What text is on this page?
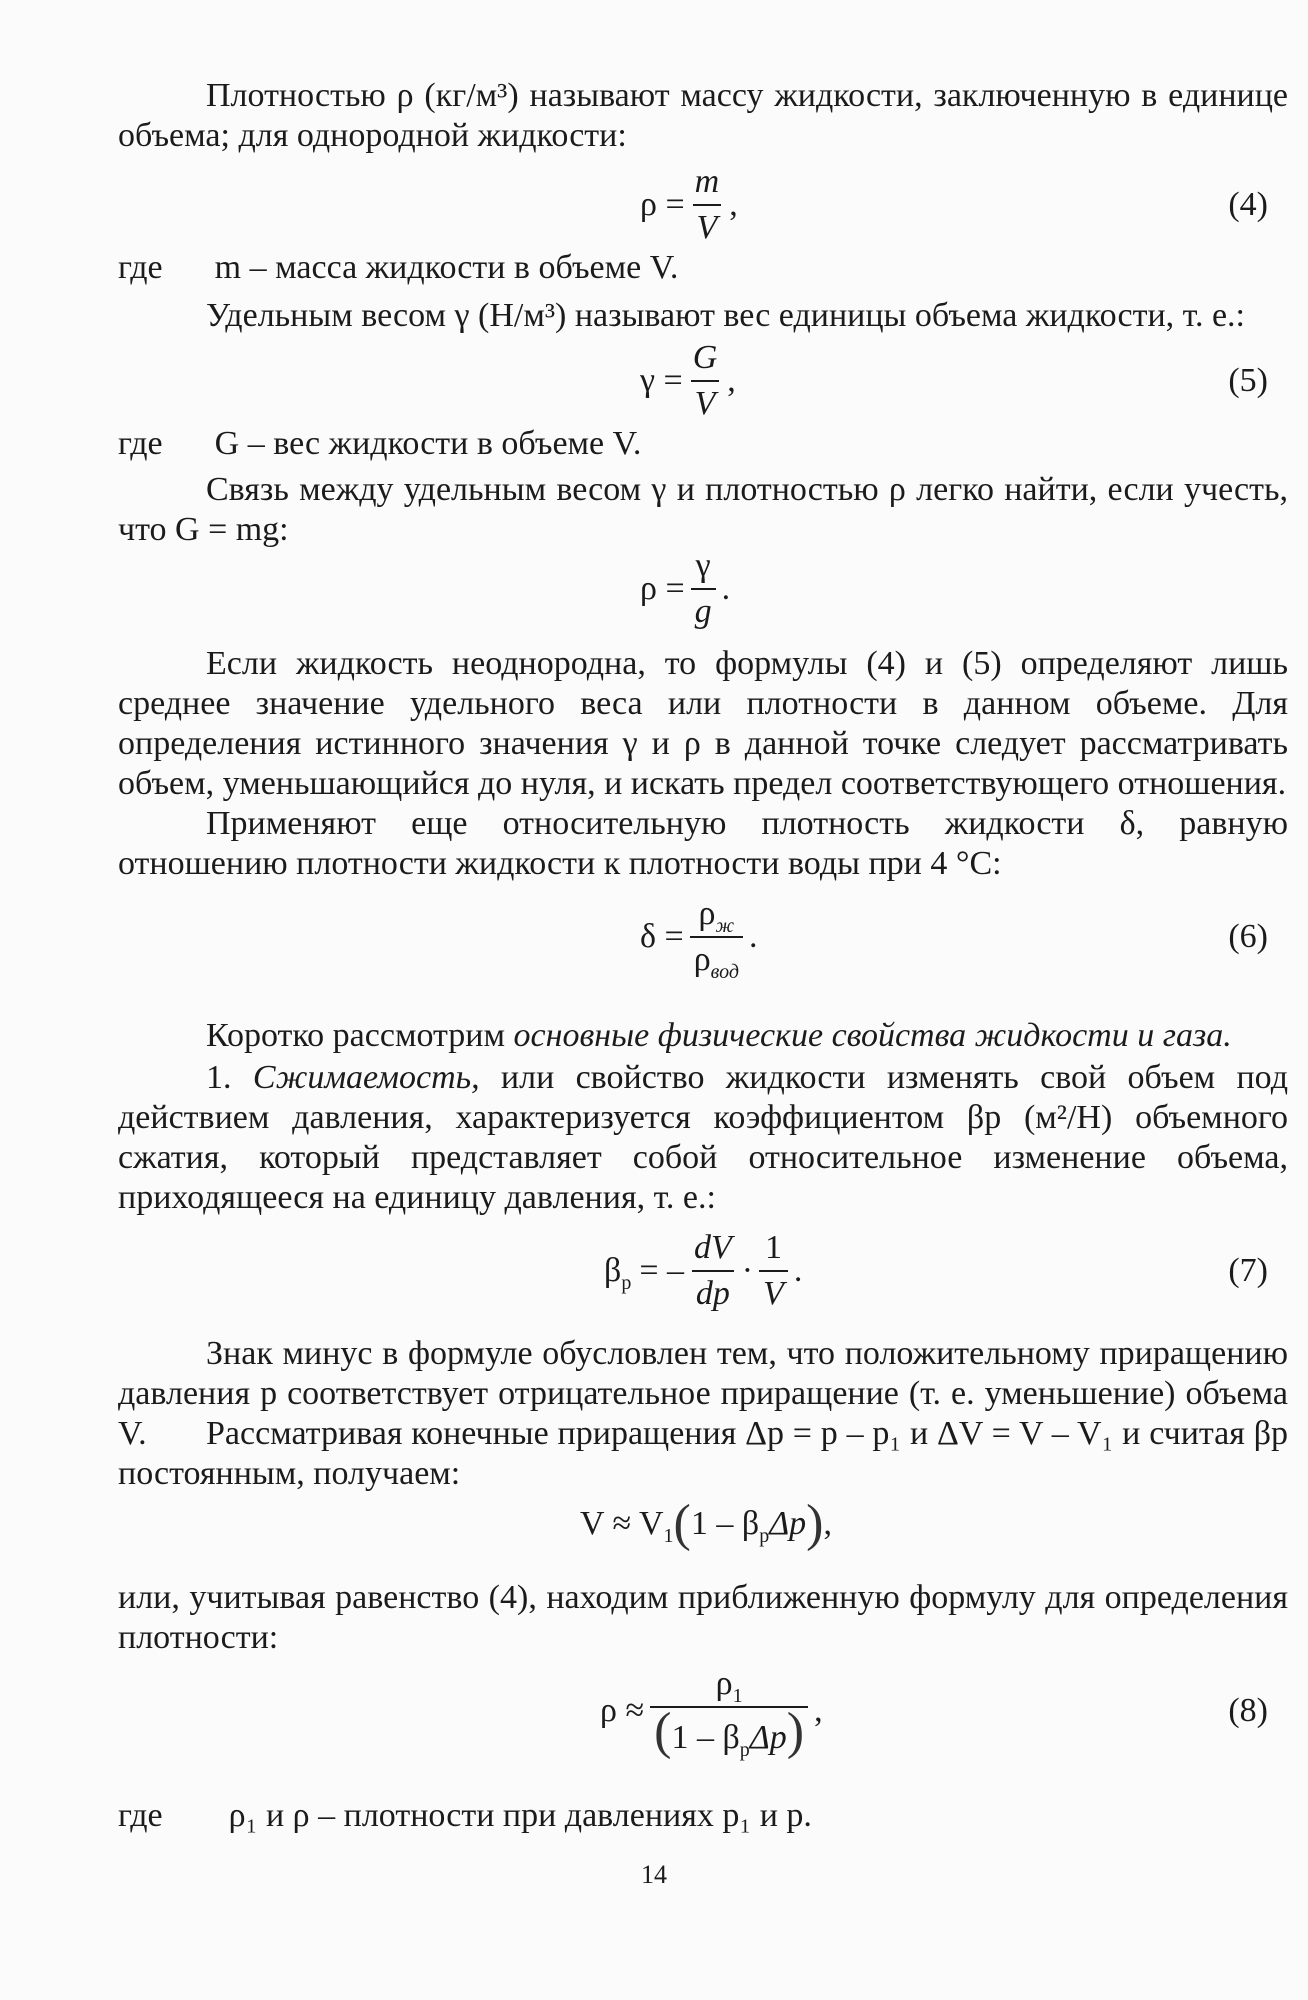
Плотностью ρ (кг/м³) называют массу жидкости, заключенную в единице объема; для однородной жидкости:

$\rho = \frac{m}{V}$ ,	(4)
где m – масса жидкости в объеме V.

Удельным весом γ (Н/м³) называют вес единицы объема жидкости, т. е.:

$\gamma = \frac{G}{V}$ ,	(5)
где G – вес жидкости в объеме V.

Связь между удельным весом γ и плотностью ρ легко найти, если учесть, что G = mg:

$\rho = \frac{\gamma}{g}$ .

Если жидкость неоднородна, то формулы (4) и (5) определяют лишь среднее значение удельного веса или плотности в данном объеме. Для определения истинного значения γ и ρ в данной точке следует рассматривать объем, уменьшающийся до нуля, и искать предел соответствующего отношения.

Применяют еще относительную плотность жидкости δ, равную отношению плотности жидкости к плотности воды при 4 °С:

$\delta = \frac{\rho_ж}{\rho_{вод}}$ .	(6)

Коротко рассмотрим основные физические свойства жидкости и газа.

1. Сжимаемость, или свойство жидкости изменять свой объем под действием давления, характеризуется коэффициентом βр (м²/Н) объемного сжатия, который представляет собой относительное изменение объема, приходящееся на единицу давления, т. е.:

$\beta_p$ = – $\frac{dV}{dp} \cdot \frac{1}{V}$ .	(7)

Знак минус в формуле обусловлен тем, что положительному приращению давления p соответствует отрицательное приращение (т. е. уменьшение) объема V.	Рассматривая конечные приращения Δp = p – p₁ и ΔV = V – V₁ и считая βр постоянным, получаем:

$V \approx V_1$ ( $1 - \beta_p\Delta p$ ) ,

или, учитывая равенство (4), находим приближенную формулу для определения плотности:

$\rho \approx \frac{\rho_1}{(1 - \beta_p\Delta p)}$ ,	(8)
где ρ₁ и ρ – плотности при давлениях p₁ и p.
14
